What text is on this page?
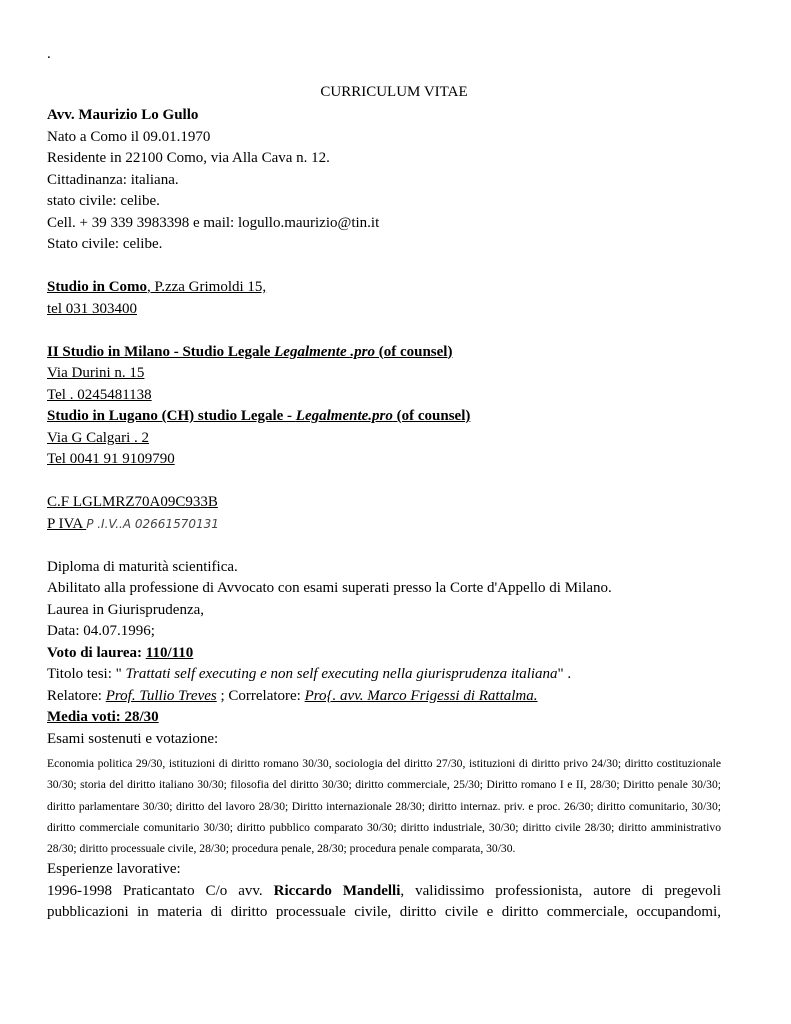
.
CURRICULUM VITAE
Avv. Maurizio Lo Gullo
Nato a Como il 09.01.1970
Residente in 22100 Como, via Alla Cava n. 12.
Cittadinanza: italiana.
stato civile: celibe.
Cell. + 39 339 3983398 e mail: logullo.maurizio@tin.it
Stato civile: celibe.
Studio in Como, P.zza Grimoldi 15,
tel 031 303400
II Studio in Milano - Studio Legale Legalmente .pro (of counsel)
Via Durini n. 15
Tel . 0245481138
Studio in Lugano (CH) studio Legale - Legalmente.pro (of counsel)
Via G Calgari . 2
Tel 0041 91 9109790
C.F LGLMRZ70A09C933B
P IVA P .I.V..A 02661570131
Diploma di maturità scientifica.
Abilitato alla professione di Avvocato con esami superati presso la Corte d'Appello di Milano.
Laurea in Giurisprudenza,
Data: 04.07.1996;
Voto di laurea: 110/110
Titolo tesi: " Trattati self executing e non self executing nella giurisprudenza italiana" .
Relatore: Prof. Tullio Treves ; Correlatore: Pro{. avv. Marco Frigessi di Rattalma.
Media voti: 28/30
Esami sostenuti e votazione:
Economia politica 29/30, istituzioni di diritto romano 30/30, sociologia del diritto 27/30, istituzioni di diritto privo 24/30; diritto costituzionale 30/30; storia del diritto italiano 30/30; filosofia del diritto 30/30; diritto commerciale, 25/30; Diritto romano I e II, 28/30; Diritto penale 30/30; diritto parlamentare 30/30; diritto del lavoro 28/30; Diritto internazionale 28/30; diritto internaz. priv. e proc. 26/30; diritto comunitario, 30/30; diritto commerciale comunitario 30/30; diritto pubblico comparato 30/30; diritto industriale, 30/30; diritto civile 28/30; diritto amministrativo 28/30; diritto processuale civile, 28/30; procedura penale, 28/30; procedura penale comparata, 30/30.
Esperienze lavorative:
1996-1998 Praticantato C/o avv. Riccardo Mandelli, validissimo professionista, autore di pregevoli
pubblicazioni in materia di diritto processuale civile, diritto civile e diritto commerciale, occupandomi,
